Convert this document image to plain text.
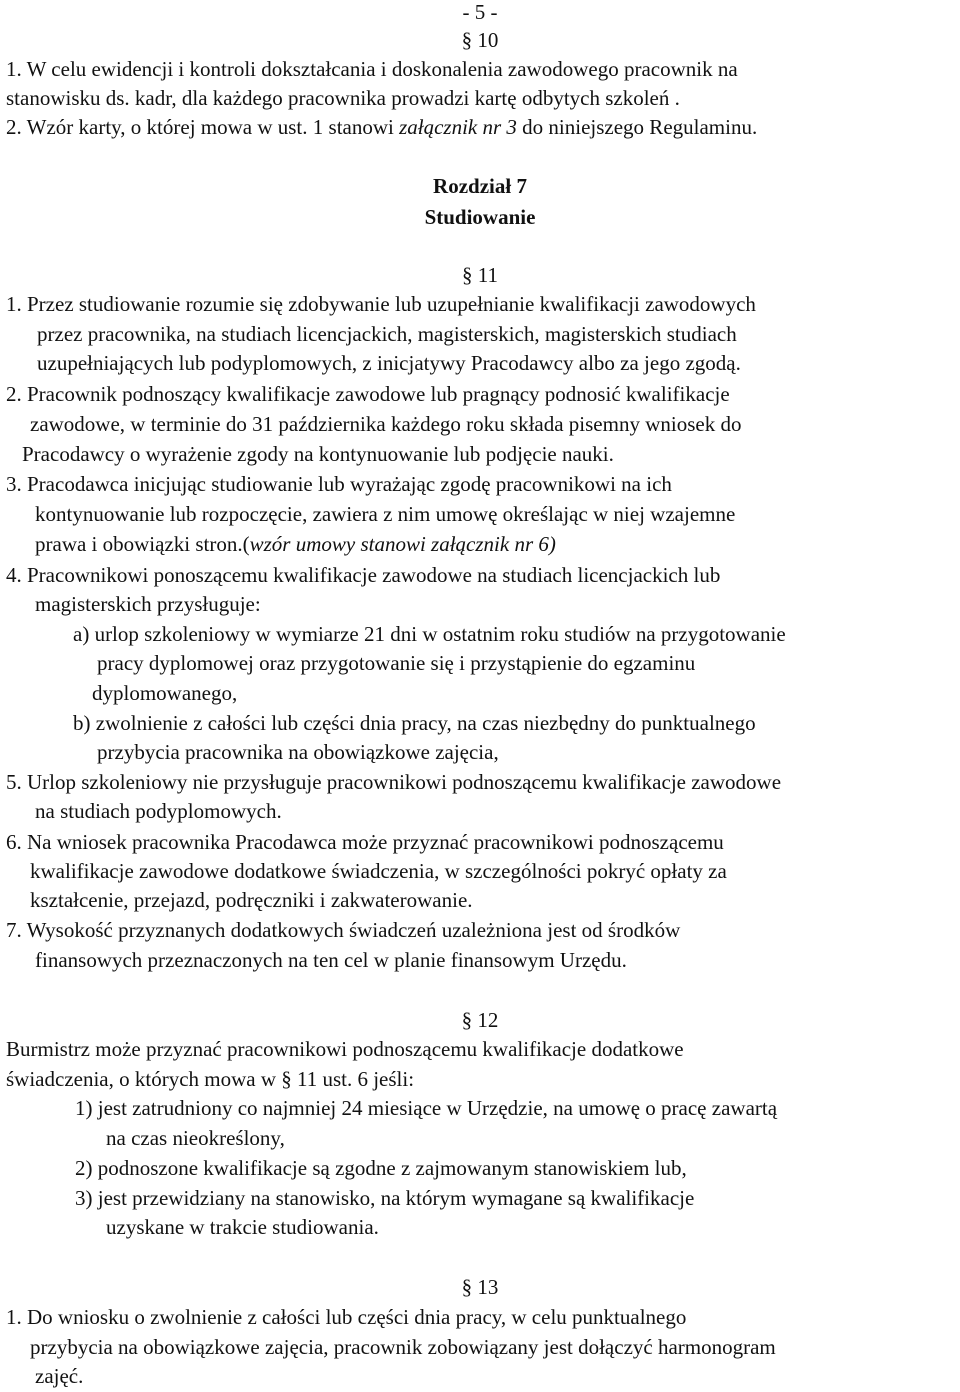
- 5 -
§ 10
1. W celu ewidencji i kontroli dokształcania i doskonalenia zawodowego pracownik na
stanowisku ds. kadr, dla każdego pracownika prowadzi kartę odbytych szkoleń .
2. Wzór karty, o której mowa w ust. 1 stanowi załącznik nr 3 do niniejszego Regulaminu.
Rozdział 7
Studiowanie
§ 11
1. Przez studiowanie rozumie się zdobywanie lub uzupełnianie kwalifikacji zawodowych
przez pracownika, na studiach licencjackich, magisterskich, magisterskich studiach
uzupełniających lub podyplomowych, z inicjatywy Pracodawcy albo za jego zgodą.
2. Pracownik podnoszący kwalifikacje zawodowe lub pragnący podnosić kwalifikacje
zawodowe, w terminie do 31 października każdego roku składa pisemny wniosek do
Pracodawcy o wyrażenie zgody na kontynuowanie lub podjęcie nauki.
3. Pracodawca inicjując studiowanie lub wyrażając zgodę pracownikowi na ich
kontynuowanie lub rozpoczęcie, zawiera z nim umowę określając w niej wzajemne
prawa i obowiązki stron.(wzór umowy stanowi załącznik nr 6)
4. Pracownikowi ponoszącemu kwalifikacje zawodowe na studiach licencjackich lub
magisterskich przysługuje:
a) urlop szkoleniowy w wymiarze 21 dni w ostatnim roku studiów na przygotowanie
pracy dyplomowej oraz przygotowanie się i przystąpienie do egzaminu
dyplomowanego,
b) zwolnienie z całości lub części dnia pracy, na czas niezbędny do punktualnego
przybycia pracownika na obowiązkowe zajęcia,
5. Urlop szkoleniowy nie przysługuje pracownikowi podnoszącemu kwalifikacje zawodowe
na studiach podyplomowych.
6. Na wniosek pracownika Pracodawca może przyznać pracownikowi podnoszącemu
kwalifikacje zawodowe dodatkowe świadczenia, w szczególności pokryć opłaty za
kształcenie, przejazd, podręczniki i zakwaterowanie.
7. Wysokość przyznanych dodatkowych świadczeń uzależniona jest od środków
finansowych przeznaczonych na ten cel w planie finansowym Urzędu.
§ 12
Burmistrz może przyznać pracownikowi podnoszącemu kwalifikacje dodatkowe
świadczenia, o których mowa w § 11 ust. 6 jeśli:
1) jest zatrudniony co najmniej 24 miesiące w Urzędzie, na umowę o pracę zawartą
na czas nieokreślony,
2) podnoszone kwalifikacje są zgodne z zajmowanym stanowiskiem lub,
3) jest przewidziany na stanowisko, na którym wymagane są kwalifikacje
uzyskane w trakcie studiowania.
§ 13
1. Do wniosku o zwolnienie z całości lub części dnia pracy, w celu punktualnego
przybycia na obowiązkowe zajęcia, pracownik zobowiązany jest dołączyć harmonogram
zajęć.
